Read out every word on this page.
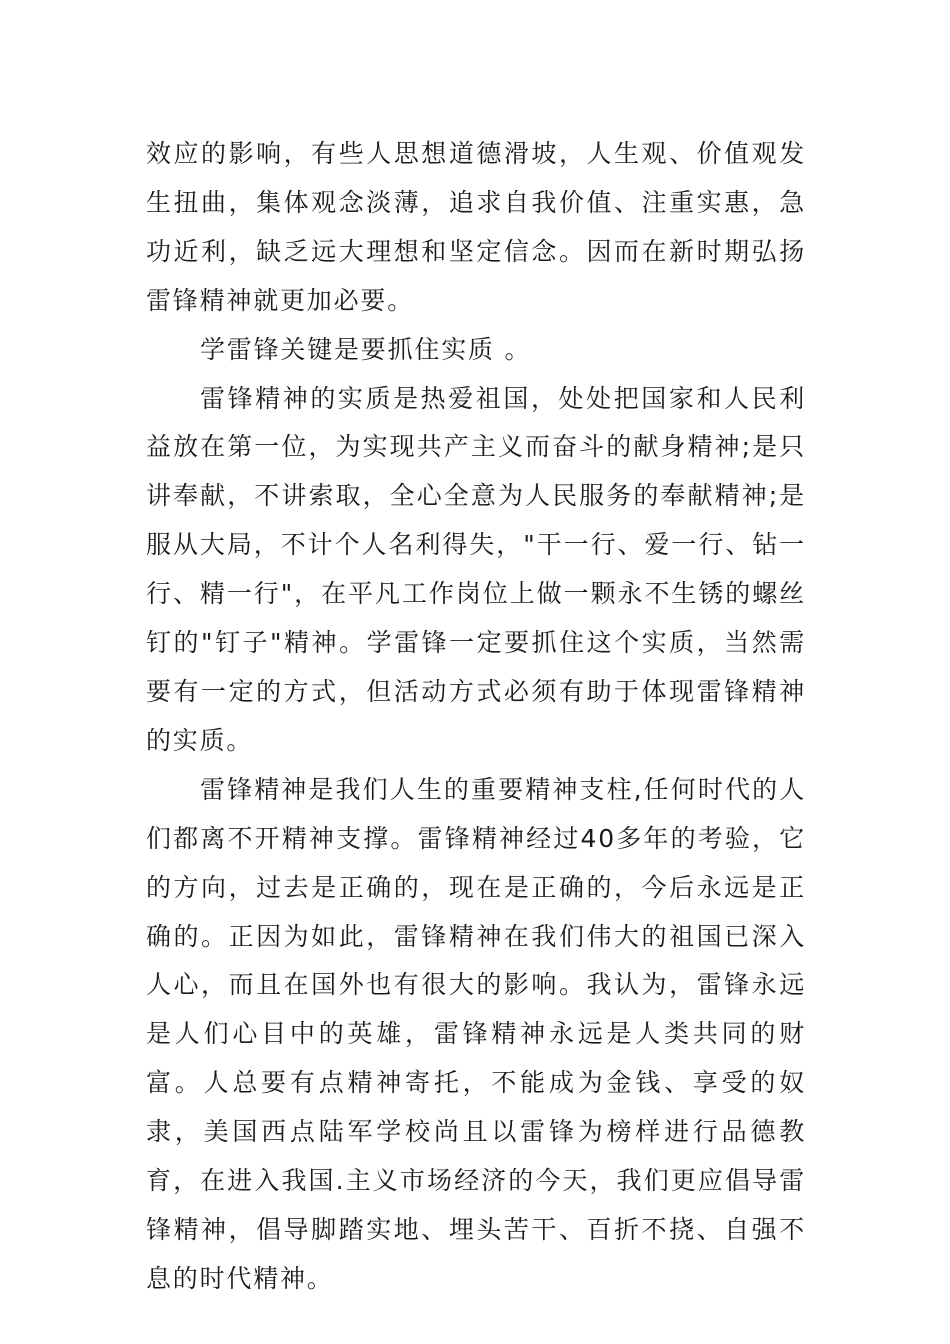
效应的影响，有些人思想道德滑坡，人生观、价值观发生扭曲，集体观念淡薄，追求自我价值、注重实惠，急功近利，缺乏远大理想和坚定信念。因而在新时期弘扬雷锋精神就更加必要。

学雷锋关键是要抓住实质 。

雷锋精神的实质是热爱祖国，处处把国家和人民利益放在第一位，为实现共产主义而奋斗的献身精神;是只讲奉献，不讲索取，全心全意为人民服务的奉献精神;是服从大局，不计个人名利得失，"干一行、爱一行、钻一行、精一行"，在平凡工作岗位上做一颗永不生锈的螺丝钉的"钉子"精神。学雷锋一定要抓住这个实质，当然需要有一定的方式，但活动方式必须有助于体现雷锋精神的实质。

雷锋精神是我们人生的重要精神支柱,任何时代的人们都离不开精神支撑。雷锋精神经过40多年的考验，它的方向，过去是正确的，现在是正确的，今后永远是正确的。正因为如此，雷锋精神在我们伟大的祖国已深入人心，而且在国外也有很大的影响。我认为，雷锋永远是人们心目中的英雄，雷锋精神永远是人类共同的财富。人总要有点精神寄托，不能成为金钱、享受的奴隶，美国西点陆军学校尚且以雷锋为榜样进行品德教育，在进入我国.主义市场经济的今天，我们更应倡导雷锋精神，倡导脚踏实地、埋头苦干、百折不挠、自强不息的时代精神。
